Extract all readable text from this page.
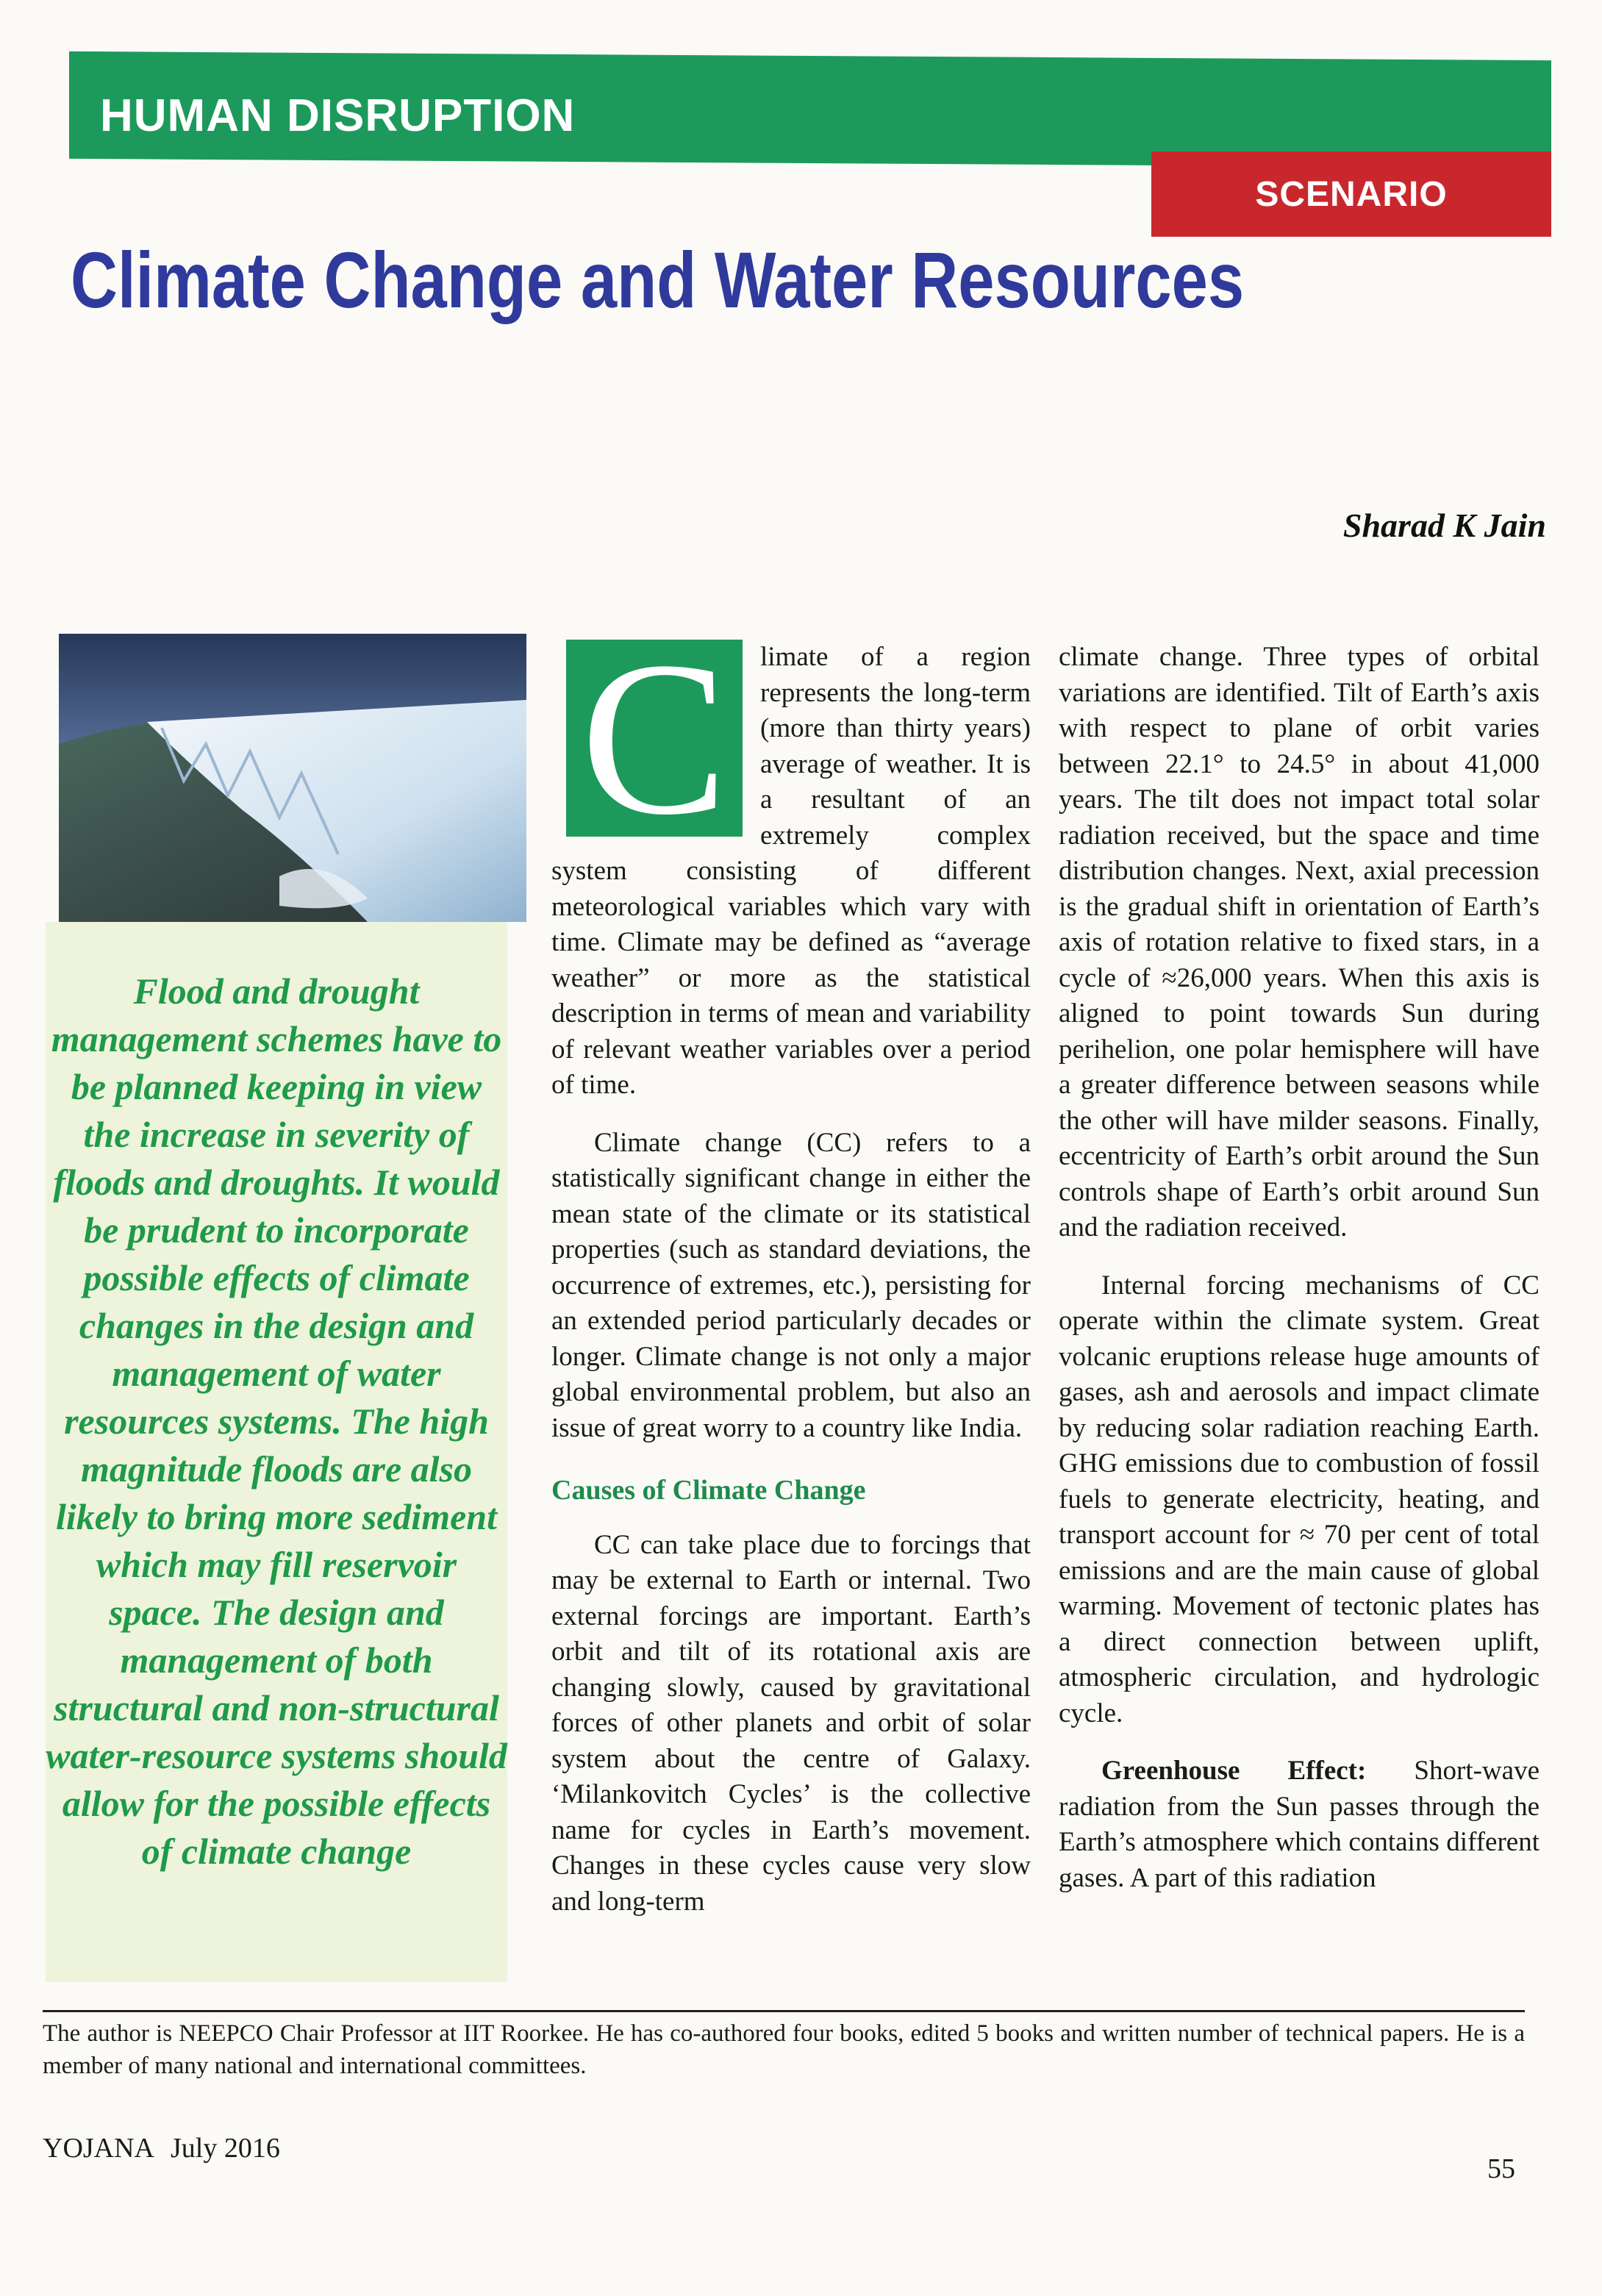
HUMAN DISRUPTION
SCENARIO
Climate Change and Water Resources
Sharad K Jain

Flood and drought management schemes have to be planned keeping in view the increase in severity of floods and droughts. It would be prudent to incorporate possible effects of climate changes in the design and management of water resources systems. The high magnitude floods are also likely to bring more sediment which may fill reservoir space. The design and management of both structural and non-structural water-resource systems should allow for the possible effects of climate change

C	limate of a region represents the long-term (more than thirty years) average of weather. It is a resultant of an extremely complex system consisting of different meteorological variables which vary with time. Climate may be defined as “average weather” or more as the statistical description in terms of mean and variability of relevant weather variables over a period of time.

Climate change (CC) refers to a statistically significant change in either the mean state of the climate or its statistical properties (such as standard deviations, the occurrence of extremes, etc.), persisting for an extended period particularly decades or longer. Climate change is not only a major global environmental problem, but also an issue of great worry to a country like India.

Causes of Climate Change

CC can take place due to forcings that may be external to Earth or internal. Two external forcings are important. Earth’s orbit and tilt of its rotational axis are changing slowly, caused by gravitational forces of other planets and orbit of solar system about the centre of Galaxy. ‘Milankovitch Cycles’ is the collective name for cycles in Earth’s movement. Changes in these cycles cause very slow and long-term

climate change. Three types of orbital variations are identified. Tilt of Earth’s axis with respect to plane of orbit varies between 22.1° to 24.5° in about 41,000 years. The tilt does not impact total solar radiation received, but the space and time distribution changes. Next, axial precession is the gradual shift in orientation of Earth’s axis of rotation relative to fixed stars, in a cycle of ≈26,000 years. When this axis is aligned to point towards Sun during perihelion, one polar hemisphere will have a greater difference between seasons while the other will have milder seasons. Finally, eccentricity of Earth’s orbit around the Sun controls shape of Earth’s orbit around Sun and the radiation received.

Internal forcing mechanisms of CC operate within the climate system. Great volcanic eruptions release huge amounts of gases, ash and aerosols and impact climate by reducing solar radiation reaching Earth. GHG emissions due to combustion of fossil fuels to generate electricity, heating, and transport account for ≈ 70 per cent of total emissions and are the main cause of global warming. Movement of tectonic plates has a direct connection between uplift, atmospheric circulation, and hydrologic cycle.

Greenhouse Effect: Short-wave radiation from the Sun passes through the Earth’s atmosphere which contains different gases. A part of this radiation

The author is NEEPCO Chair Professor at IIT Roorkee. He has co-authored four books, edited 5 books and written number of technical papers. He is a member of many national and international committees.

YOJANA July 2016
55
